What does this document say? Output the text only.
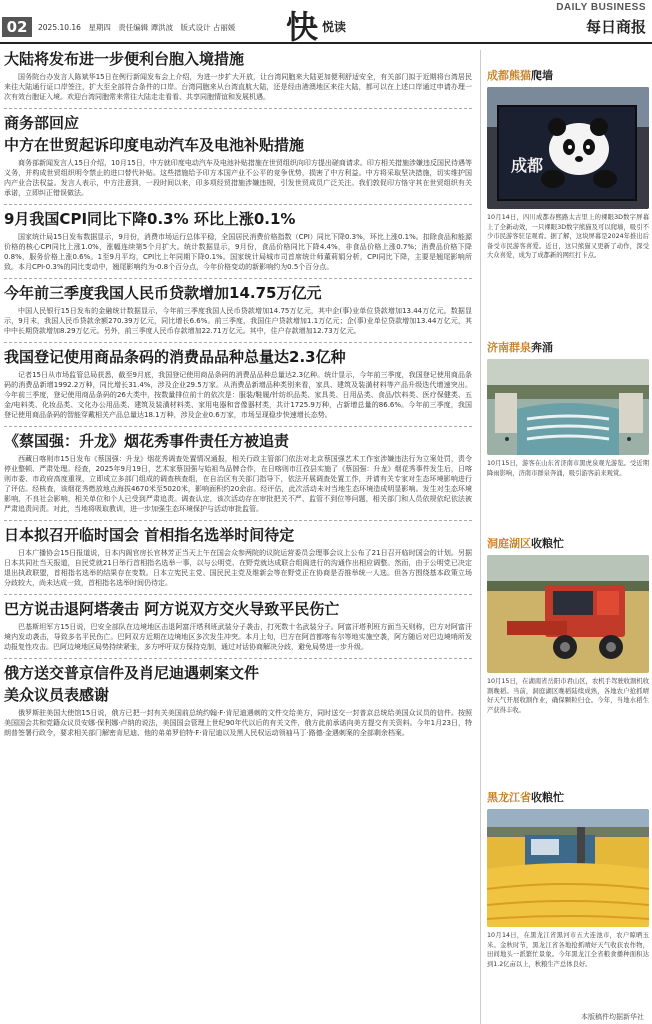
02	2025.10.16 星期四 责任编辑 谭洪波 版式设计 占丽媛 快 悦读
DAILY BUSINESS
每日商报
大陆将发布进一步便利台胞入境措施
国务院台办发言人陈斌华15日在例行新闻发布会上介绍，为进一步扩大开放，让台湾同胞来大陆更加便利舒适安全，有关部门拟于近期将台湾居民来往大陆通行证口岸签注，扩大至全部符合条件的口岸。台湾同胞来从台湾直航大陆，还是经由港澳地区来往大陆，都可以在上述口岸通过申请办理一次有效台胞证入境。欢迎台湾同胞常来常往大陆走走看看、共享同胞情谊和发展机遇。
商务部回应
中方在世贸起诉印度电动汽车及电池补贴措施
商务部新闻发言人15日介绍，10月15日，中方就印度电动汽车及电池补贴措施在世贸组织向印方提出磋商请求。印方相关措施涉嫌违反国民待遇等义务，并构成世贸组织明令禁止的进口替代补贴。这些措施给予印方本国产业不公平的竞争优势，损害了中方利益。中方将采取坚决措施，切实维护国内产业合法权益。发言人表示，中方注意到，一段时间以来，印多项经贸措施涉嫌违规，引发世贸成员广泛关注。我们敦促印方恪守其在世贸组织有关承诺，立即纠正错误做法。
9月我国CPI同比下降0.3% 环比上涨0.1%
国家统计局15日发布数据显示，9月份，消费市场运行总体平稳，全国居民消费价格指数（CPI）同比下降0.3%，环比上涨0.1%。扣除食品和能源价格的核心CPI同比上涨1.0%，涨幅连续第5个月扩大。统计数据显示，9月份，食品价格同比下降4.4%，非食品价格上涨0.7%；消费品价格下降0.8%，服务价格上涨0.6%。1至9月平均，CPI比上年同期下降0.1%。国家统计局城市司首席统计师董莉娟分析，CPI同比下降，主要是翘尾影响所致。本月CPI-0.3%的同比变动中，翘尾影响约为-0.8个百分点，今年价格变动的新影响约为0.5个百分点。
今年前三季度我国人民币贷款增加14.75万亿元
中国人民银行15日发布的金融统计数据显示，今年前三季度我国人民币贷款增加14.75万亿元，其中企(事)业单位贷款增加13.44万亿元。数据显示，9月末，我国人民币贷款余额270.39万亿元，同比增长6.6%。前三季度，我国住户贷款增加1.1万亿元；企(事)业单位贷款增加13.44万亿元，其中中长期贷款增加8.29万亿元。另外，前三季度人民币存款增加22.71万亿元。其中，住户存款增加12.73万亿元。
我国登记使用商品条码的消费品品种总量达2.3亿种
记者15日从市场监管总局获悉，截至9月底，我国登记使用商品条码的消费品品种总量达2.3亿种。统计显示，今年前三季度，我国登记使用商品条码的消费品新增1992.2万种，同比增长31.4%，涉及企业29.5万家。从消费品新增品种类别来看，家具、建筑及装潢材料等产品升级迭代增速突出。今年前三季度，登记使用商品条码的26大类中，按数量排位前十的依次是：服装/鞋履/针纺织品类、家具类、日用品类、食品/饮料类、医疗保健类、五金/电料类、化妆品类、文化办公用品类、建筑及装潢材料类、家用电器和音像器材类，共计1725.9万种，占新增总量的86.6%。今年前三季度，我国登记使用商品条码的智能穿戴相关产品总量达18.1万种，涉及企业0.6万家，市场呈现稳步快速增长态势。
《蔡国强：升龙》烟花秀事件责任方被追责
西藏日喀则市15日发布《蔡国强：升龙》烟花秀调查处置情况通报，相关行政主管部门依法对北京蔡国强艺术工作室涉嫌违法行为立案处罚，责令停业整顿、严肃处理。经查，2025年9月19日，艺术家蔡国强与始祖鸟品牌合作，在日喀则市江孜县实施了《蔡国强：升龙》烟花秀事件发生后，日喀则市委、市政府高度重视，立即成立多部门组成的调查核查组，在自治区有关部门指导下，依法开展调查处置工作，并请有关专家对生态环境影响进行了评估。经核查，该烟花秀燃放地点海拔4670米至5020米，影响面积约20余亩。经评估，此次活动未对当地生态环境造成明显影响。发生对生态环境影响，不良社会影响，相关单位和个人已受到严肃追责。调查认定，该次活动存在审批把关不严、监管不到位等问题，相关部门和人员依规依纪依法被严肃追责问责。对此，当地将吸取教训，进一步加强生态环境保护与活动审批监管。
日本拟召开临时国会 首相指名选举时间待定
日本广播协会15日报道说，日本内阁官房长官林芳正当天上午在国会众参两院的议院运营委员会理事会议上公布了21日召开临时国会的计划。另据日本共同社当天报道，自民党就21日举行首相指名选举一事，以与公明党、在野党就达成联合组阁进行的沟通作出相应调整。然而，由于公明党已决定退出执政联盟，首相指名选举的结果存在变数。日本立宪民主党、国民民主党及维新会等在野党正在协商是否推举统一人选。但各方围绕基本政策立场分歧较大，尚未达成一致，首相指名选举时间仍待定。
巴方说击退阿塔袭击 阿方说双方交火导致平民伤亡
巴基斯坦军方15日说，巴安全部队在边境地区击退阿富汗塔利班武装分子袭击，打死数十名武装分子。阿富汗塔利班方面当天则称，巴方对阿富汗境内发动袭击，导致多名平民伤亡。巴阿双方近期在边境地区多次发生冲突。本月上旬，巴方在阿首都喀布尔等地实施空袭，阿方随后对巴边境哨所发动报复性攻击。巴阿边境地区局势持续紧张，多方呼吁双方保持克制，通过对话协商解决分歧，避免局势进一步升级。
俄方送交普京信件及肖尼迪遇刺案文件
美众议员表感谢
俄罗斯驻美国大使馆15日说，俄方已把一封有关美国前总统约翰·F·肯尼迪遇刺的文件交给美方，同时送交一封普京总统给美国众议员的信件。按照美国国会共和党籍众议员安娜·保利娜·卢纳的说法，美国国会管理上世纪90年代以后的有关文件，俄方此前承诺向美方提交有关资料。今年1月23日，特朗普签署行政令，要求相关部门解密肯尼迪、他的弟弟罗伯特·F·肯尼迪以及黑人民权运动领袖马丁·路德·金遇刺案的全部剩余档案。
成都熊猫爬墙
成都
10月14日，四川成都春熙路太古里上的裸眼3D数字屏幕上了全新动效，一只裸眼3D数字熊猫及可以爬墙，吸引不少市民游客驻足观看。据了解，这块屏幕是2024年推出后备受市民游客喜爱。近日，这只熊猫又更新了动作，深受大众喜爱，成为了成都新的网红打卡点。
济南群泉奔涌
10月15日，游客在山东省济南市黑虎泉观光游览。受近期降雨影响，济南市群泉奔涌，吸引游客前来观赏。
洞庭湖区收粮忙
10月15日，在湖南省岳阳市君山区，农机手驾驶收割机收割晚稻。当前，洞庭湖区晚稻陆续成熟，各地农户抢抓晴好天气开展收割作业，确保颗粒归仓。今年，当地水稻生产获得丰收。
黑龙江省收粮忙
10月14日，在黑龙江省黑河市五大连池市，农户晾晒玉米。金秋时节，黑龙江省各地抢抓晴好天气收获农作物，田间地头一派繁忙景象。今年黑龙江全省粮食播种面积达到1.2亿亩以上，秋粮生产总体良好。
本版稿件均据新华社
